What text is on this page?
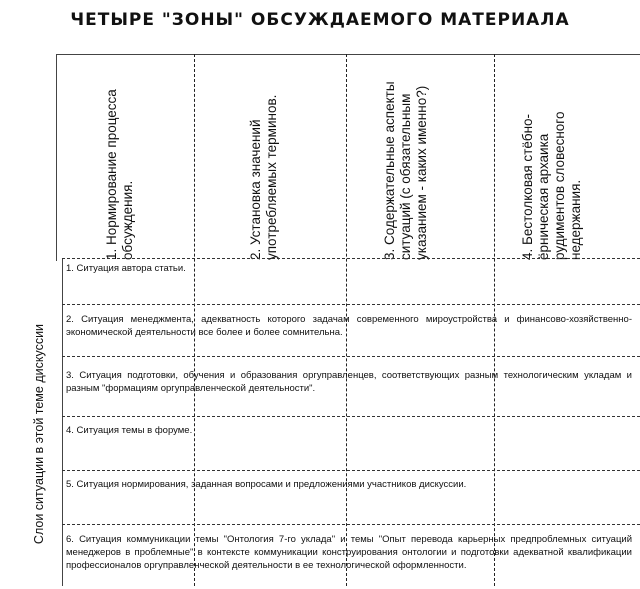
ЧЕТЫРЕ "ЗОНЫ" ОБСУЖДАЕМОГО МАТЕРИАЛА
1. Нормирование процесса обсуждения.	2. Установка значений употребляемых терминов.	3. Содержательные аспекты ситуаций (с обязательным указанием - каких именно?)	4. Бестолковая стёбно-ёрническая архаика рудиментов словесного недержания.
1. Ситуация автора статьи.
2. Ситуация менеджмента, адекватность которого задачам современного мироустройства и финансово-хозяйственно-экономической деятельности все более и более сомнительна.
3. Ситуация подготовки, обучения и образования оргуправленцев, соответствующих разным технологическим укладам и разным "формациям оргуправленческой деятельности".
4. Ситуация темы в форуме.
5. Ситуация нормирования, заданная вопросами и предложениями участников дискуссии.
6. Ситуация коммуникации темы "Онтология 7-го уклада" и темы "Опыт перевода карьерных предпроблемных ситуаций менеджеров в проблемные" в контексте коммуникации конструирования онтологии и подготовки адекватной квалификации профессионалов оргуправленческой деятельности в ее технологической оформленности.
Слои ситуации в этой теме дискуссии
